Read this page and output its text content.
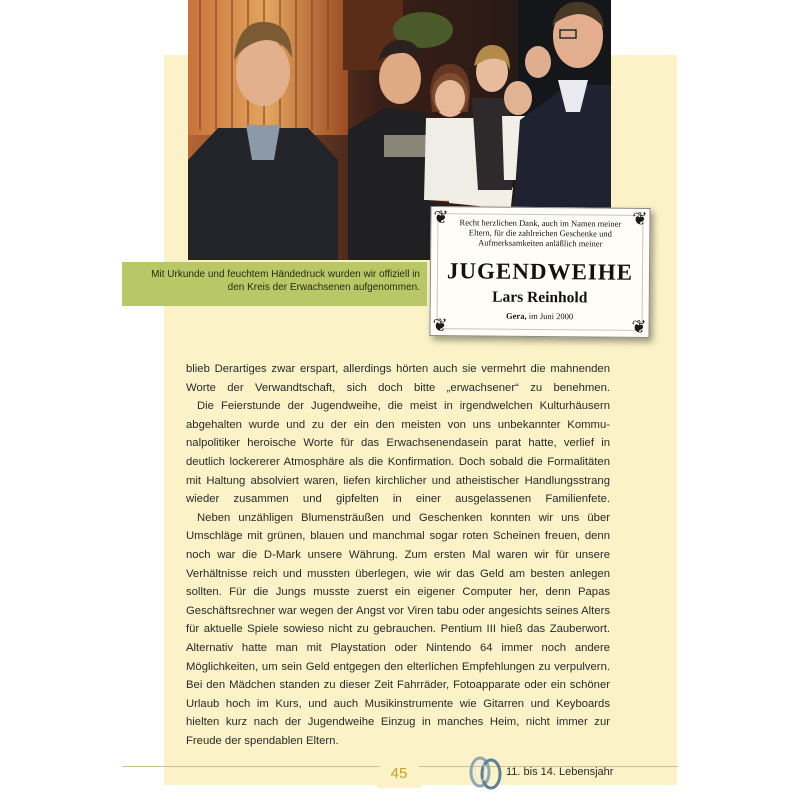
Mit Urkunde und feuchtem Händedruck wurden wir offiziell in den Kreis der Erwachsenen aufgenommen.
❦	❦
❦	❦
Recht herzlichen Dank, auch im Namen meiner Eltern, für die zahlreichen Geschenke und Aufmerksamkeiten anläßlich meiner
JUGENDWEIHE
Lars Reinhold
Gera, im Juni 2000

blieb Derartiges zwar erspart, allerdings hörten auch sie vermehrt die mahnenden Worte der Verwandtschaft, sich doch bitte „erwachsener“ zu benehmen.

Die Feierstunde der Jugendweihe, die meist in irgendwelchen Kulturhäusern abgehalten wurde und zu der ein den meisten von uns unbekannter Kommunalpolitiker heroische Worte für das Erwachsenendasein parat hatte, verlief in deutlich lockererer Atmosphäre als die Konfirmation. Doch sobald die Formalitäten mit Haltung absolviert waren, liefen kirchlicher und atheistischer Handlungsstrang wieder zusammen und gipfelten in einer ausgelassenen Familienfete.

Neben unzähligen Blumensträußen und Geschenken konnten wir uns über Umschläge mit grünen, blauen und manchmal sogar roten Scheinen freuen, denn noch war die D-Mark unsere Währung. Zum ersten Mal waren wir für unsere Verhältnisse reich und mussten überlegen, wie wir das Geld am besten anlegen sollten. Für die Jungs musste zuerst ein eigener Computer her, denn Papas Geschäftsrechner war wegen der Angst vor Viren tabu oder angesichts seines Alters für aktuelle Spiele sowieso nicht zu gebrauchen. Pentium III hieß das Zauberwort. Alternativ hatte man mit Playstation oder Nintendo 64 immer noch andere Möglichkeiten, um sein Geld entgegen den elterlichen Empfehlungen zu verpulvern. Bei den Mädchen standen zu dieser Zeit Fahrräder, Fotoapparate oder ein schöner Urlaub hoch im Kurs, und auch Musikinstrumente wie Gitarren und Keyboards hielten kurz nach der Jugendweihe Einzug in manches Heim, nicht immer zur Freude der spendablen Eltern.

45	11. bis 14. Lebensjahr
